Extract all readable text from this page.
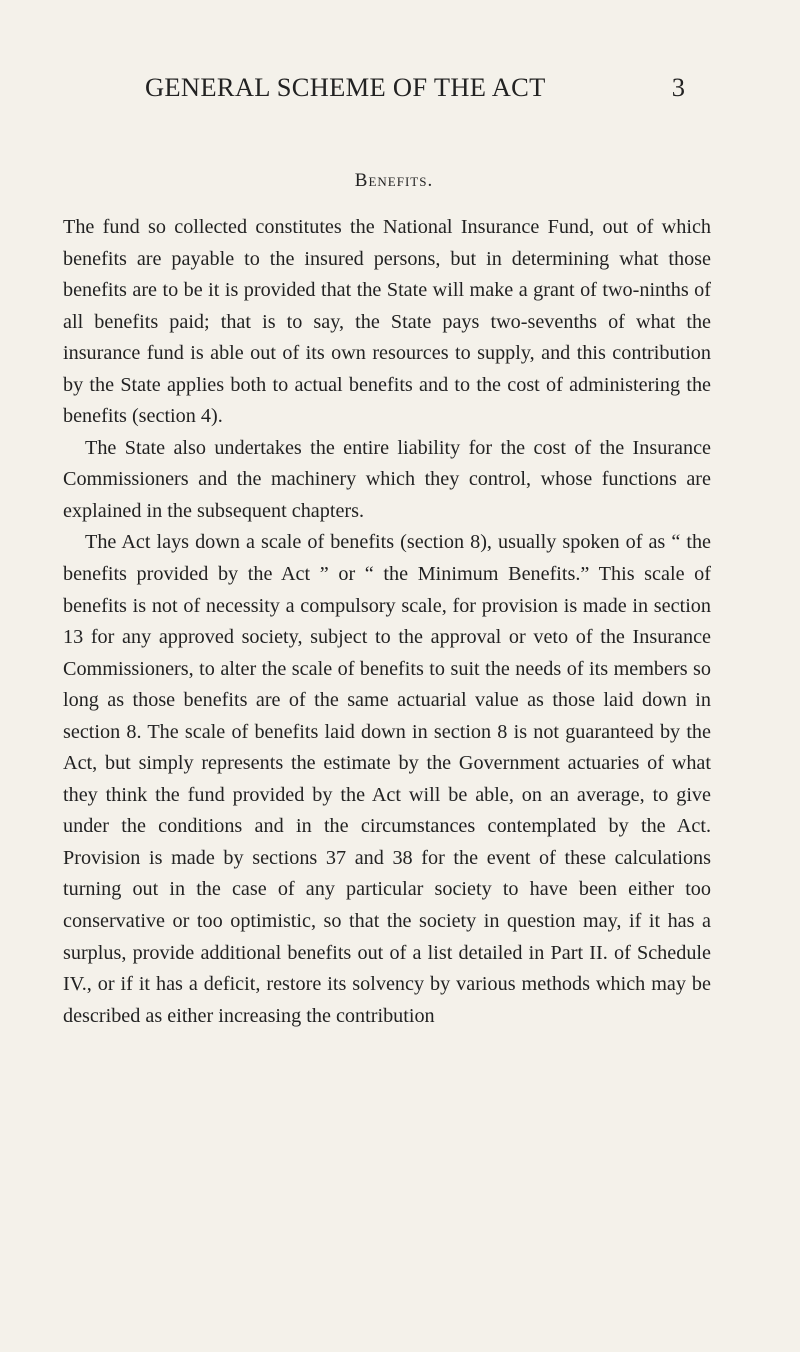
GENERAL SCHEME OF THE ACT	3
Benefits.

The fund so collected constitutes the National Insurance Fund, out of which benefits are payable to the insured persons, but in determining what those benefits are to be it is provided that the State will make a grant of two-ninths of all benefits paid; that is to say, the State pays two-sevenths of what the insurance fund is able out of its own resources to supply, and this contribution by the State applies both to actual benefits and to the cost of administering the benefits (section 4).

The State also undertakes the entire liability for the cost of the Insurance Commissioners and the machinery which they control, whose functions are explained in the subsequent chapters.

The Act lays down a scale of benefits (section 8), usually spoken of as “ the benefits provided by the Act ” or “ the Minimum Benefits.” This scale of benefits is not of necessity a compulsory scale, for provision is made in section 13 for any approved society, subject to the approval or veto of the Insurance Commissioners, to alter the scale of benefits to suit the needs of its members so long as those benefits are of the same actuarial value as those laid down in section 8. The scale of benefits laid down in section 8 is not guaranteed by the Act, but simply represents the estimate by the Government actuaries of what they think the fund provided by the Act will be able, on an average, to give under the conditions and in the circumstances contemplated by the Act. Provision is made by sections 37 and 38 for the event of these calculations turning out in the case of any particular society to have been either too conservative or too optimistic, so that the society in question may, if it has a surplus, provide additional benefits out of a list detailed in Part II. of Schedule IV., or if it has a deficit, restore its solvency by various methods which may be described as either increasing the contribution
